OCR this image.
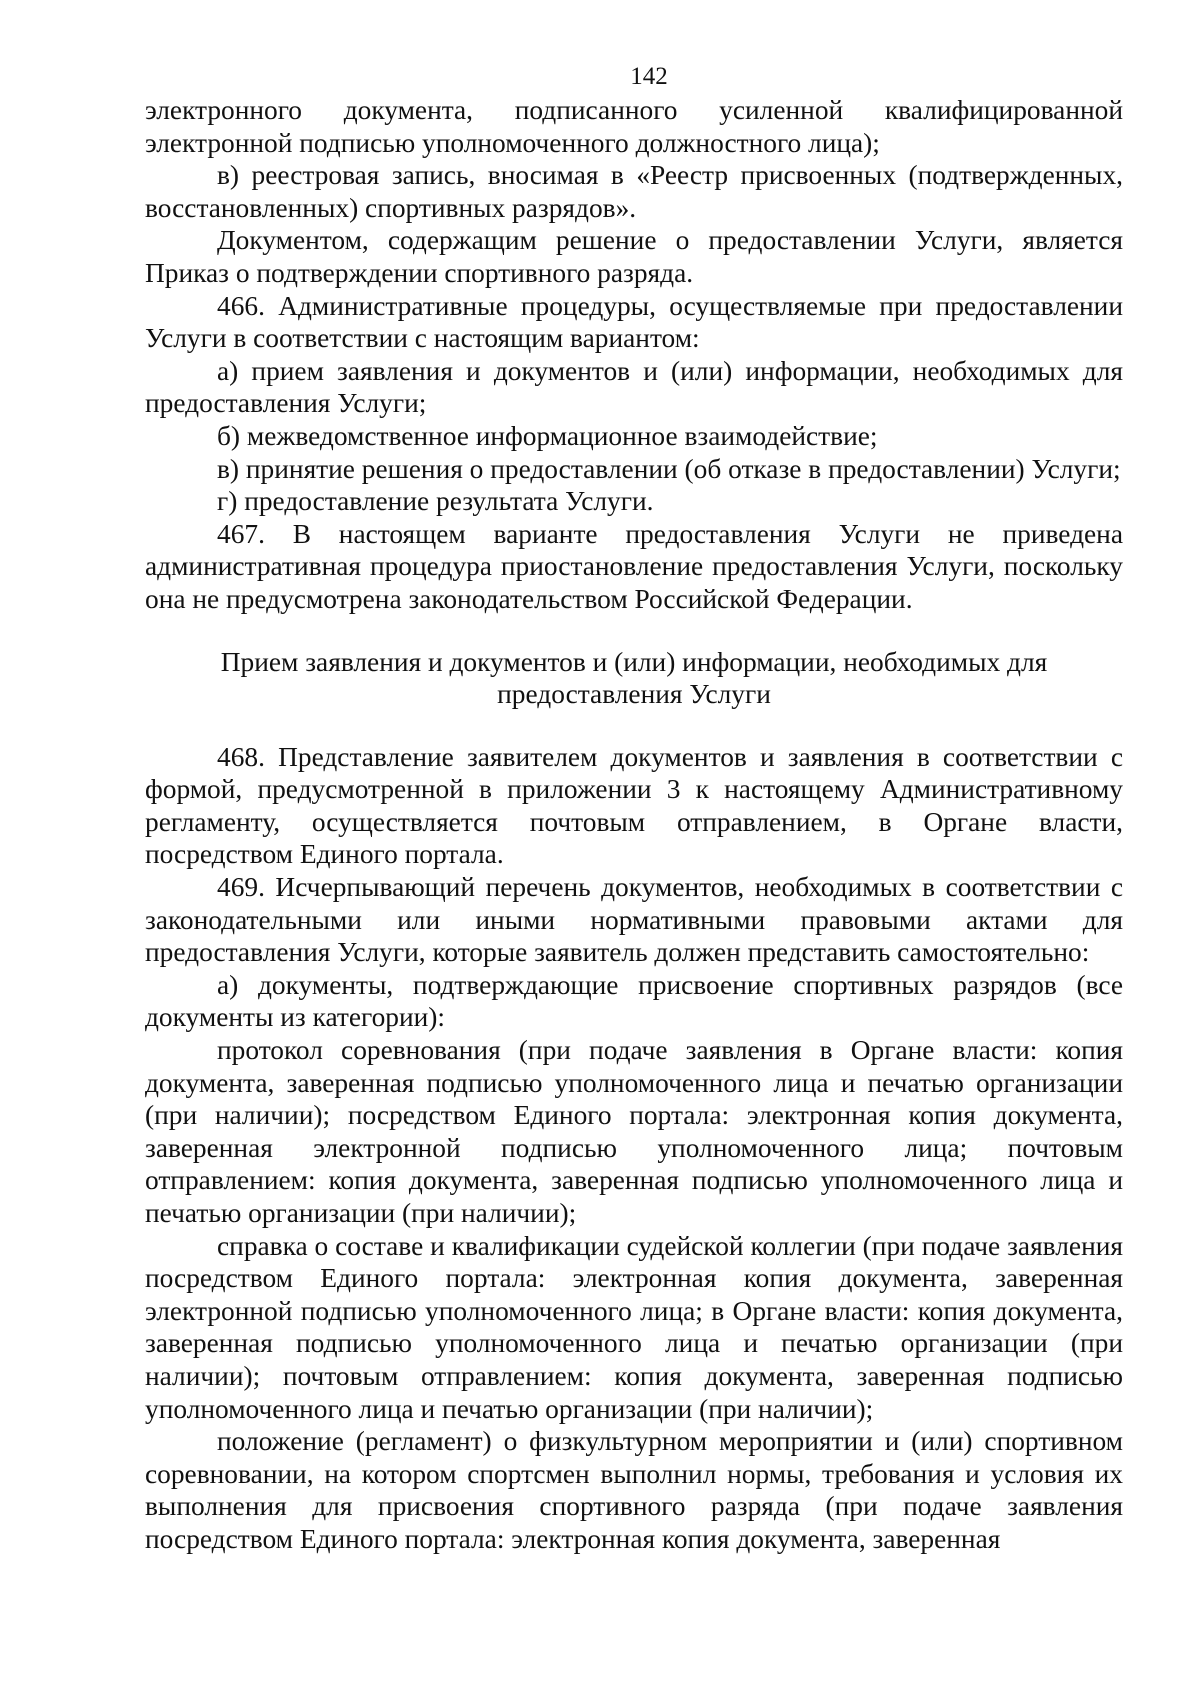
142

электронного документа, подписанного усиленной квалифицированной электронной подписью уполномоченного должностного лица);

в) реестровая запись, вносимая в «Реестр присвоенных (подтвержденных, восстановленных) спортивных разрядов».

Документом, содержащим решение о предоставлении Услуги, является Приказ о подтверждении спортивного разряда.

466. Административные процедуры, осуществляемые при предоставлении Услуги в соответствии с настоящим вариантом:

а) прием заявления и документов и (или) информации, необходимых для предоставления Услуги;

б) межведомственное информационное взаимодействие;

в) принятие решения о предоставлении (об отказе в предоставлении) Услуги;

г) предоставление результата Услуги.

467. В настоящем варианте предоставления Услуги не приведена административная процедура приостановление предоставления Услуги, поскольку она не предусмотрена законодательством Российской Федерации.

Прием заявления и документов и (или) информации, необходимых для предоставления Услуги

468. Представление заявителем документов и заявления в соответствии с формой, предусмотренной в приложении 3 к настоящему Административному регламенту, осуществляется почтовым отправлением, в Органе власти, посредством Единого портала.

469. Исчерпывающий перечень документов, необходимых в соответствии с законодательными или иными нормативными правовыми актами для предоставления Услуги, которые заявитель должен представить самостоятельно:

а) документы, подтверждающие присвоение спортивных разрядов (все документы из категории):

протокол соревнования (при подаче заявления в Органе власти: копия документа, заверенная подписью уполномоченного лица и печатью организации (при наличии); посредством Единого портала: электронная копия документа, заверенная электронной подписью уполномоченного лица; почтовым отправлением: копия документа, заверенная подписью уполномоченного лица и печатью организации (при наличии);

справка о составе и квалификации судейской коллегии (при подаче заявления посредством Единого портала: электронная копия документа, заверенная электронной подписью уполномоченного лица; в Органе власти: копия документа, заверенная подписью уполномоченного лица и печатью организации (при наличии); почтовым отправлением: копия документа, заверенная подписью уполномоченного лица и печатью организации (при наличии);

положение (регламент) о физкультурном мероприятии и (или) спортивном соревновании, на котором спортсмен выполнил нормы, требования и условия их выполнения для присвоения спортивного разряда (при подаче заявления посредством Единого портала: электронная копия документа, заверенная
